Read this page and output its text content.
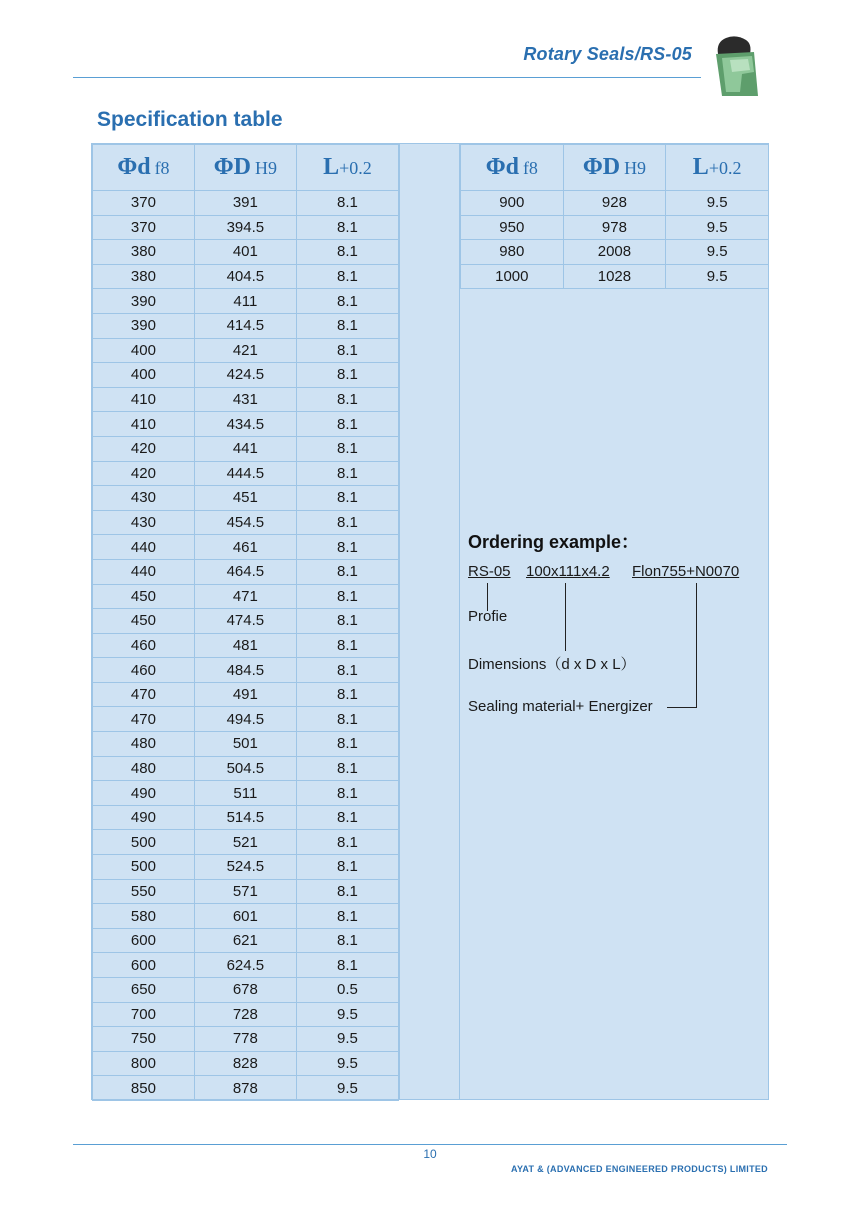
Rotary Seals/RS-05
Specification table
Φd f8	ΦD H9	L+0.2
370	391	8.1
370	394.5	8.1
380	401	8.1
380	404.5	8.1
390	411	8.1
390	414.5	8.1
400	421	8.1
400	424.5	8.1
410	431	8.1
410	434.5	8.1
420	441	8.1
420	444.5	8.1
430	451	8.1
430	454.5	8.1
440	461	8.1
440	464.5	8.1
450	471	8.1
450	474.5	8.1
460	481	8.1
460	484.5	8.1
470	491	8.1
470	494.5	8.1
480	501	8.1
480	504.5	8.1
490	511	8.1
490	514.5	8.1
500	521	8.1
500	524.5	8.1
550	571	8.1
580	601	8.1
600	621	8.1
600	624.5	8.1
650	678	0.5
700	728	9.5
750	778	9.5
800	828	9.5
850	878	9.5
Φd f8	ΦD H9	L+0.2
900	928	9.5
950	978	9.5
980	2008	9.5
1000	1028	9.5
Ordering example：
RS-05 100x111x4.2 Flon755+N0070
Profie
Dimensions（d x D x L）
Sealing material+ Energizer
10
AYAT & (ADVANCED ENGINEERED PRODUCTS) LIMITED
